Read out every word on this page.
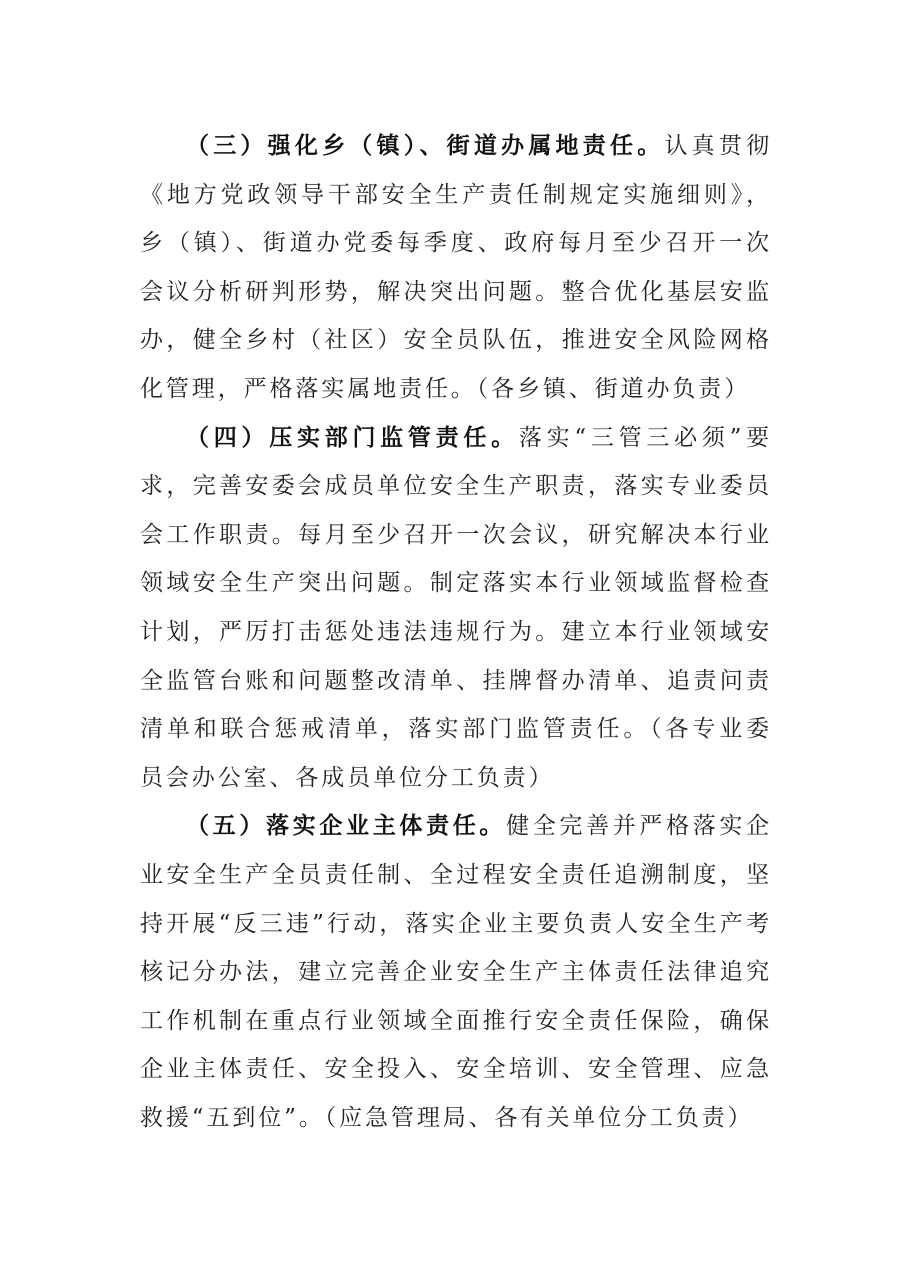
（三）强化乡（镇）、街道办属地责任。认真贯彻《地方党政领导干部安全生产责任制规定实施细则》，乡（镇）、街道办党委每季度、政府每月至少召开一次会议分析研判形势，解决突出问题。整合优化基层安监办，健全乡村（社区）安全员队伍，推进安全风险网格化管理，严格落实属地责任。（各乡镇、街道办负责）

（四）压实部门监管责任。落实“三管三必须”要求，完善安委会成员单位安全生产职责，落实专业委员会工作职责。每月至少召开一次会议，研究解决本行业领域安全生产突出问题。制定落实本行业领域监督检查计划，严厉打击惩处违法违规行为。建立本行业领域安全监管台账和问题整改清单、挂牌督办清单、追责问责清单和联合惩戒清单，落实部门监管责任。（各专业委员会办公室、各成员单位分工负责）

（五）落实企业主体责任。健全完善并严格落实企业安全生产全员责任制、全过程安全责任追溯制度，坚持开展“反三违”行动，落实企业主要负责人安全生产考核记分办法，建立完善企业安全生产主体责任法律追究工作机制在重点行业领域全面推行安全责任保险，确保企业主体责任、安全投入、安全培训、安全管理、应急救援“五到位”。（应急管理局、各有关单位分工负责）
